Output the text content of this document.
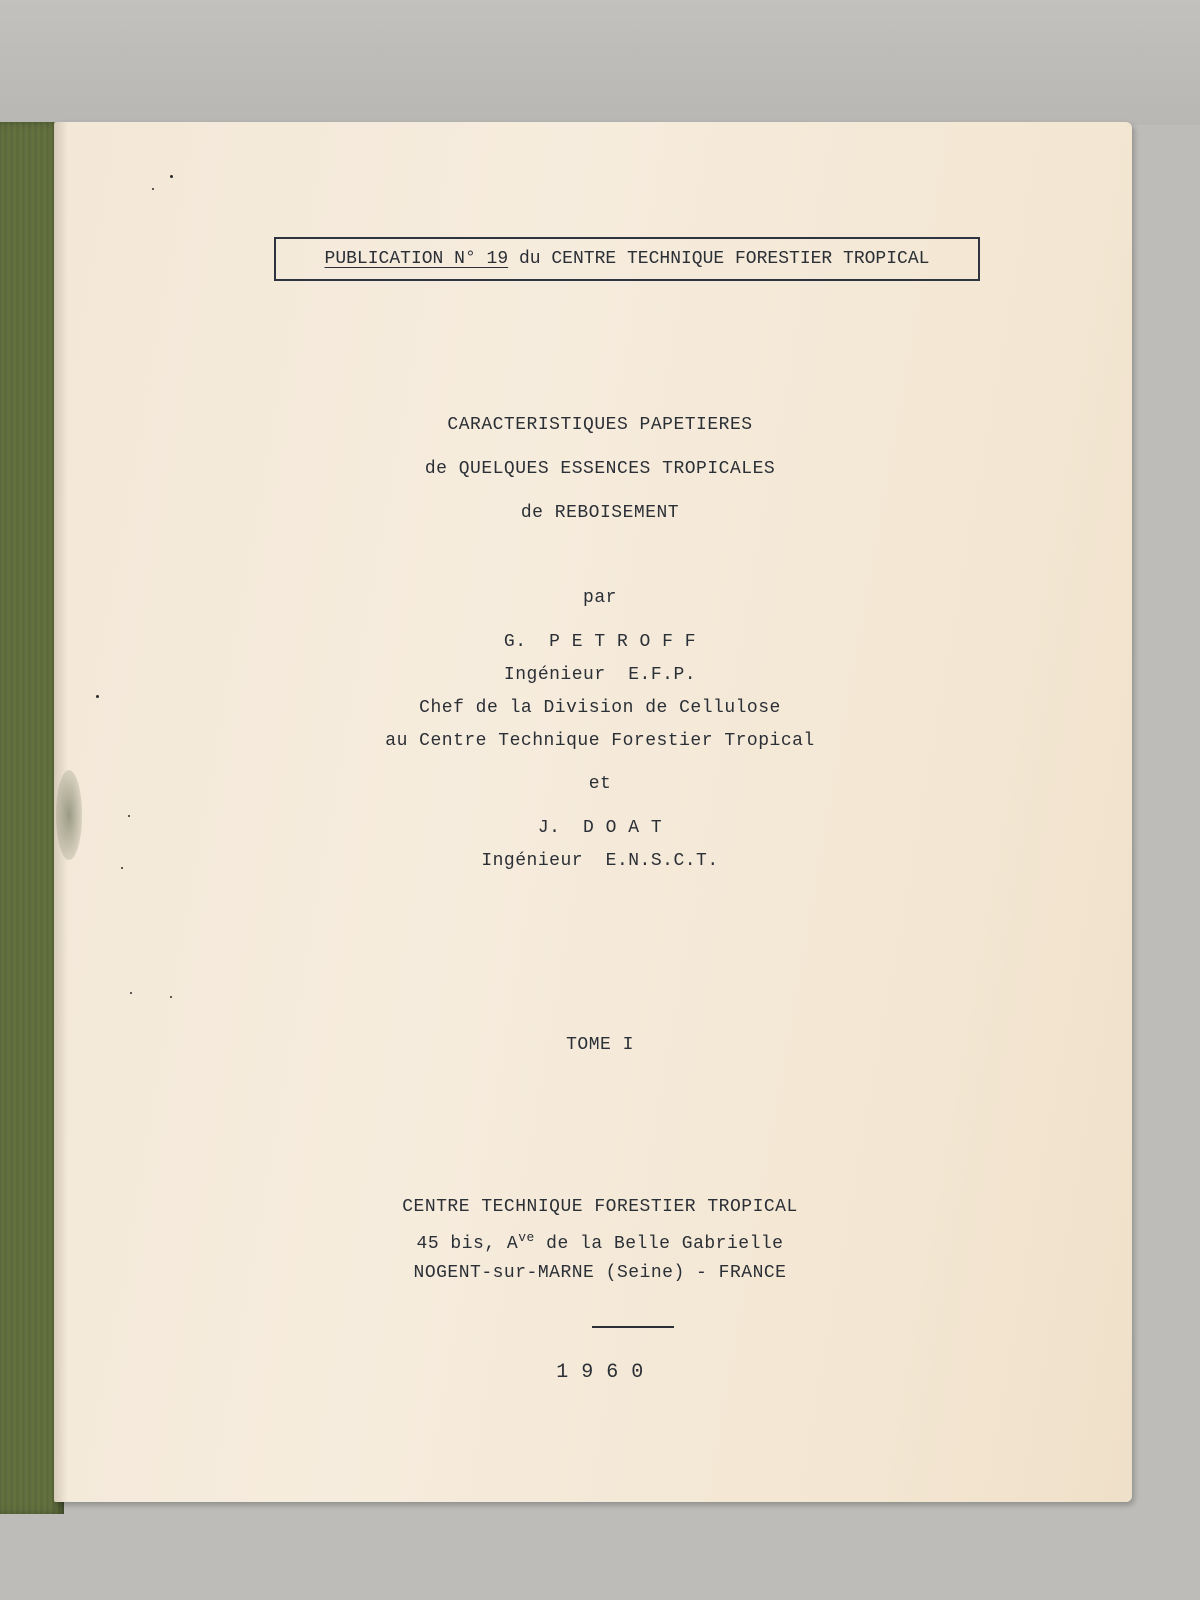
PUBLICATION N° 19 du CENTRE TECHNIQUE FORESTIER TROPICAL
CARACTERISTIQUES PAPETIERES
de QUELQUES ESSENCES TROPICALES
de REBOISEMENT
par
G.  P E T R O F F
Ingénieur  E.F.P.
Chef de la Division de Cellulose
au Centre Technique Forestier Tropical
et
J.  D O A T
Ingénieur  E.N.S.C.T.
TOME I
CENTRE TECHNIQUE FORESTIER TROPICAL
45 bis, $A^{ve}$ de la Belle Gabrielle
NOGENT-sur-MARNE (Seine) - FRANCE
1 9 6 0
